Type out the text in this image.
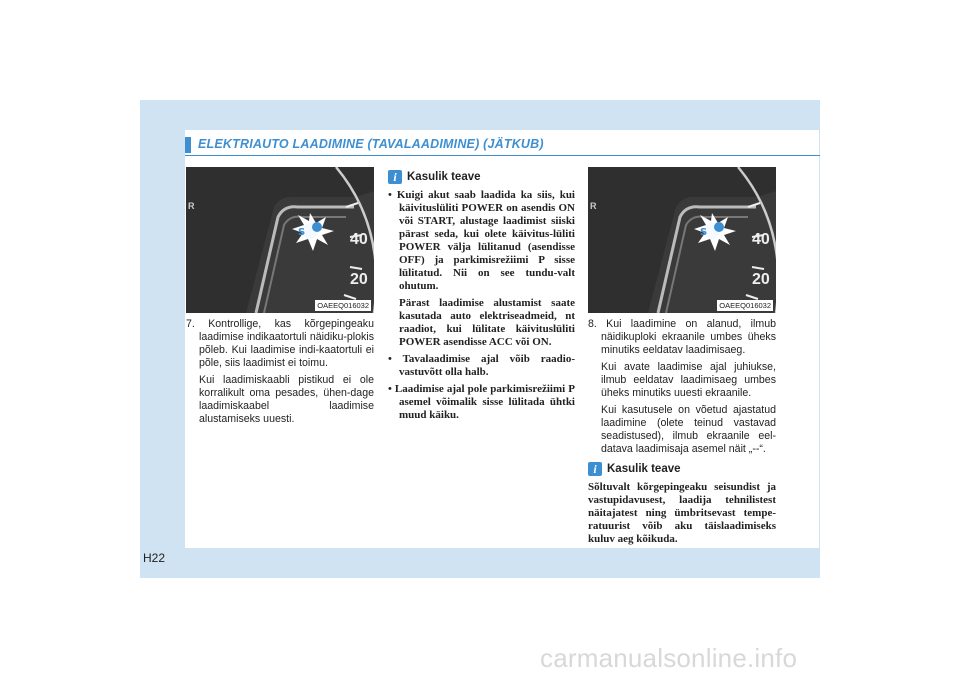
ELEKTRIAUTO LAADIMINE (TAVALAADIMINE) (JÄTKUB)
S	40
20
R
OAEEQ016032
S	40
20
R
OAEEQ016032

7. Kontrollige, kas kõrgepingeaku laadimise indikaatortuli näidiku-plokis põleb. Kui laadimise indi-kaatortuli ei põle, siis laadimist ei toimu.

Kui laadimiskaabli pistikud ei ole korralikult oma pesades, ühen-dage laadimiskaabel laadimise alustamiseks uuesti.

i Kasulik teave

• Kuigi akut saab laadida ka siis, kui käivituslüliti POWER on asendis ON või START, alustage laadimist siiski pärast seda, kui olete käivitus-lüliti POWER välja lülitanud (asendisse OFF) ja parkimisrežiimi P sisse lülitatud. Nii on see tundu-valt ohutum.

Pärast laadimise alustamist saate kasutada auto elektriseadmeid, nt raadiot, kui lülitate käivituslüliti POWER asendisse ACC või ON.

• Tavalaadimise ajal võib raadio-vastuvõtt olla halb.

• Laadimise ajal pole parkimisrežiimi P asemel võimalik sisse lülitada ühtki muud käiku.

8. Kui laadimine on alanud, ilmub näidikuploki ekraanile umbes üheks minutiks eeldatav laadimisaeg.

Kui avate laadimise ajal juhiukse, ilmub eeldatav laadimisaeg umbes üheks minutiks uuesti ekraanile.

Kui kasutusele on võetud ajastatud laadimine (olete teinud vastavad seadistused), ilmub ekraanile eel-datava laadimisaja asemel näit „--“.

i Kasulik teave

Sõltuvalt kõrgepingeaku seisundist ja vastupidavusest, laadija tehnilistest näitajatest ning ümbritsevast tempe-ratuurist võib aku täislaadimiseks kuluv aeg kõikuda.

H22
carmanualsonline.info
